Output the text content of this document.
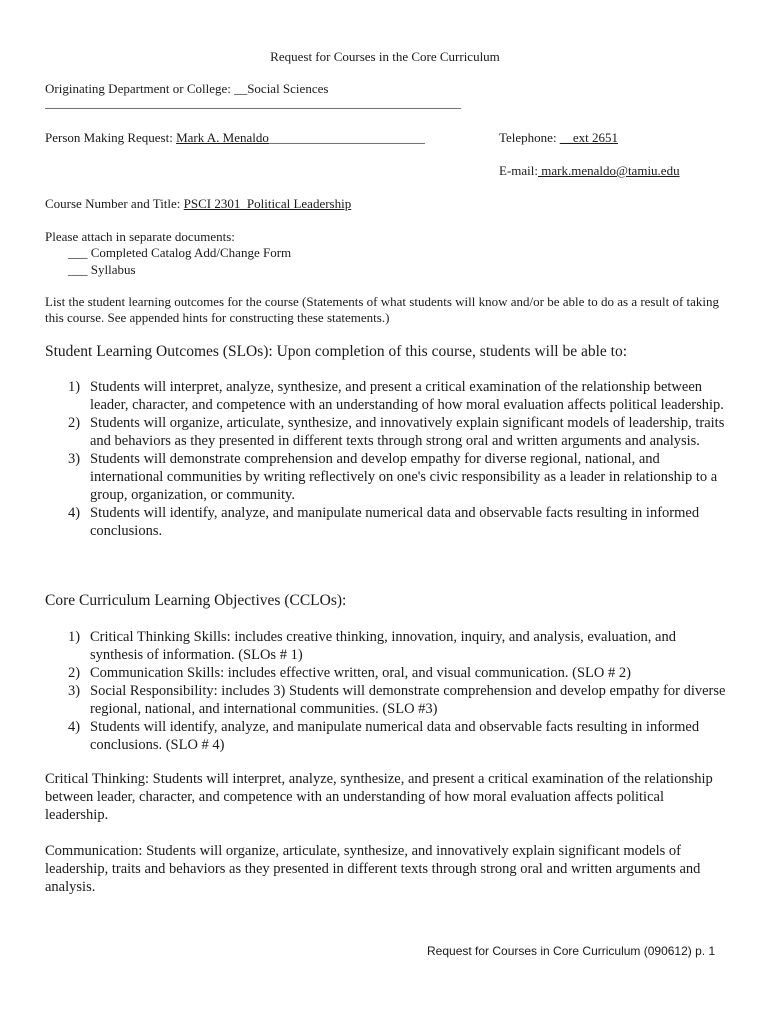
Request for Courses in the Core Curriculum
Originating Department or College: __Social Sciences
________________________________________________________________
Person Making Request: Mark A. Menaldo________________________	Telephone: __ext 2651
E-mail: mark.menaldo@tamiu.edu
Course Number and Title: PSCI 2301_Political Leadership
Please attach in separate documents:
___ Completed Catalog Add/Change Form
___ Syllabus
List the student learning outcomes for the course (Statements of what students will know and/or be able to do as a result of taking this course. See appended hints for constructing these statements.)
Student Learning Outcomes (SLOs): Upon completion of this course, students will be able to:
1) Students will interpret, analyze, synthesize, and present a critical examination of the relationship between leader, character, and competence with an understanding of how moral evaluation affects political leadership.
2) Students will organize, articulate, synthesize, and innovatively explain significant models of leadership, traits and behaviors as they presented in different texts through strong oral and written arguments and analysis.
3) Students will demonstrate comprehension and develop empathy for diverse regional, national, and international communities by writing reflectively on one's civic responsibility as a leader in relationship to a group, organization, or community.
4) Students will identify, analyze, and manipulate numerical data and observable facts resulting in informed conclusions.
Core Curriculum Learning Objectives (CCLOs):
1) Critical Thinking Skills: includes creative thinking, innovation, inquiry, and analysis, evaluation, and synthesis of information. (SLOs # 1)
2) Communication Skills: includes effective written, oral, and visual communication. (SLO # 2)
3) Social Responsibility: includes 3) Students will demonstrate comprehension and develop empathy for diverse regional, national, and international communities. (SLO #3)
4) Students will identify, analyze, and manipulate numerical data and observable facts resulting in informed conclusions. (SLO # 4)
Critical Thinking: Students will interpret, analyze, synthesize, and present a critical examination of the relationship between leader, character, and competence with an understanding of how moral evaluation affects political leadership.
Communication: Students will organize, articulate, synthesize, and innovatively explain significant models of leadership, traits and behaviors as they presented in different texts through strong oral and written arguments and analysis.
Request for Courses in Core Curriculum (090612) p. 1
